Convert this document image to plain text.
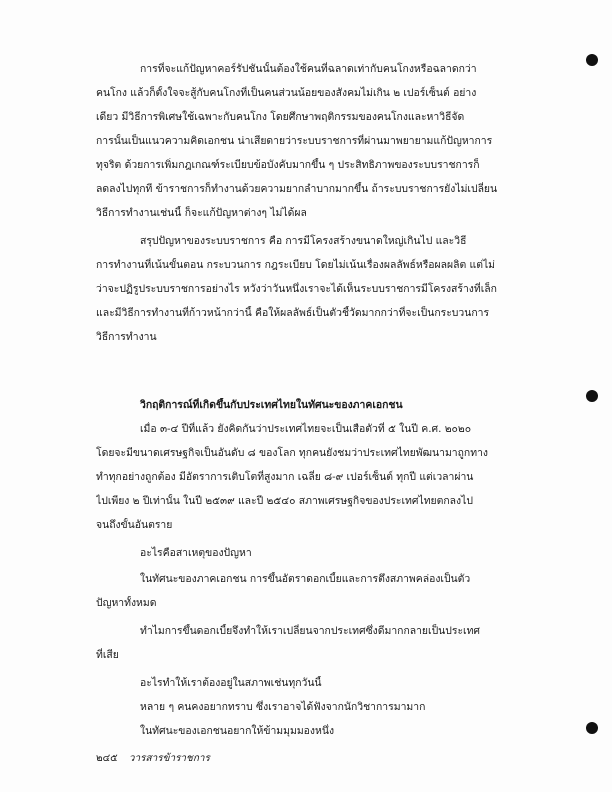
การที่จะแก้ปัญหาคอร์รัปชันนั้นต้องใช้คนที่ฉลาดเท่ากับคนโกงหรือฉลาดกว่า
คนโกง แล้วก็ตั้งใจจะสู้กับคนโกงที่เป็นคนส่วนน้อยของสังคมไม่เกิน ๒ เปอร์เซ็นต์ อย่าง
เดียว มีวิธีการพิเศษใช้เฉพาะกับคนโกง โดยศึกษาพฤติกรรมของคนโกงและหาวิธีจัด
การนั้นเป็นแนวความคิดเอกชน น่าเสียดายว่าระบบราชการที่ผ่านมาพยายามแก้ปัญหาการ
ทุจริต ด้วยการเพิ่มกฎเกณฑ์ระเบียบข้อบังคับมากขึ้น ๆ ประสิทธิภาพของระบบราชการก็
ลดลงไปทุกที ข้าราชการก็ทำงานด้วยความยากลำบากมากขึ้น ถ้าระบบราชการยังไม่เปลี่ยน
วิธีการทำงานเช่นนี้ ก็จะแก้ปัญหาต่างๆ ไม่ได้ผล
สรุปปัญหาของระบบราชการ คือ การมีโครงสร้างขนาดใหญ่เกินไป และวิธี
การทำงานที่เน้นขั้นตอน กระบวนการ กฎระเบียบ โดยไม่เน้นเรื่องผลลัพธ์หรือผลผลิต แต่ไม่
ว่าจะปฏิรูประบบราชการอย่างไร หวังว่าวันหนึ่งเราจะได้เห็นระบบราชการมีโครงสร้างที่เล็ก
และมีวิธีการทำงานที่ก้าวหน้ากว่านี้ คือให้ผลลัพธ์เป็นตัวชี้วัดมากกว่าที่จะเป็นกระบวนการ
วิธีการทำงาน
วิกฤติการณ์ที่เกิดขึ้นกับประเทศไทยในทัศนะของภาคเอกชน
เมื่อ ๓-๔ ปีที่แล้ว ยังคิดกันว่าประเทศไทยจะเป็นเสือตัวที่ ๕ ในปี ค.ศ. ๒๐๒๐
โดยจะมีขนาดเศรษฐกิจเป็นอันดับ ๘ ของโลก ทุกคนยังชมว่าประเทศไทยพัฒนามาถูกทาง
ทำทุกอย่างถูกต้อง มีอัตราการเติบโตที่สูงมาก เฉลี่ย ๘-๙ เปอร์เซ็นต์ ทุกปี แต่เวลาผ่าน
ไปเพียง ๒ ปีเท่านั้น ในปี ๒๕๓๙ และปี ๒๕๔๐ สภาพเศรษฐกิจของประเทศไทยตกลงไป
จนถึงขั้นอันตราย
อะไรคือสาเหตุของปัญหา
ในทัศนะของภาคเอกชน การขึ้นอัตราดอกเบี้ยและการตึงสภาพคล่องเป็นตัว
ปัญหาทั้งหมด
ทำไมการขึ้นดอกเบี้ยจึงทำให้เราเปลี่ยนจากประเทศซึ่งดีมากกลายเป็นประเทศ
ที่เสีย
อะไรทำให้เราต้องอยู่ในสภาพเช่นทุกวันนี้
หลาย ๆ คนคงอยากทราบ ซึ่งเราอาจได้ฟังจากนักวิชาการมามาก
ในทัศนะของเอกชนอยากให้ข้ามมุมมองหนึ่ง
๒๔๕ วารสารข้าราชการ
